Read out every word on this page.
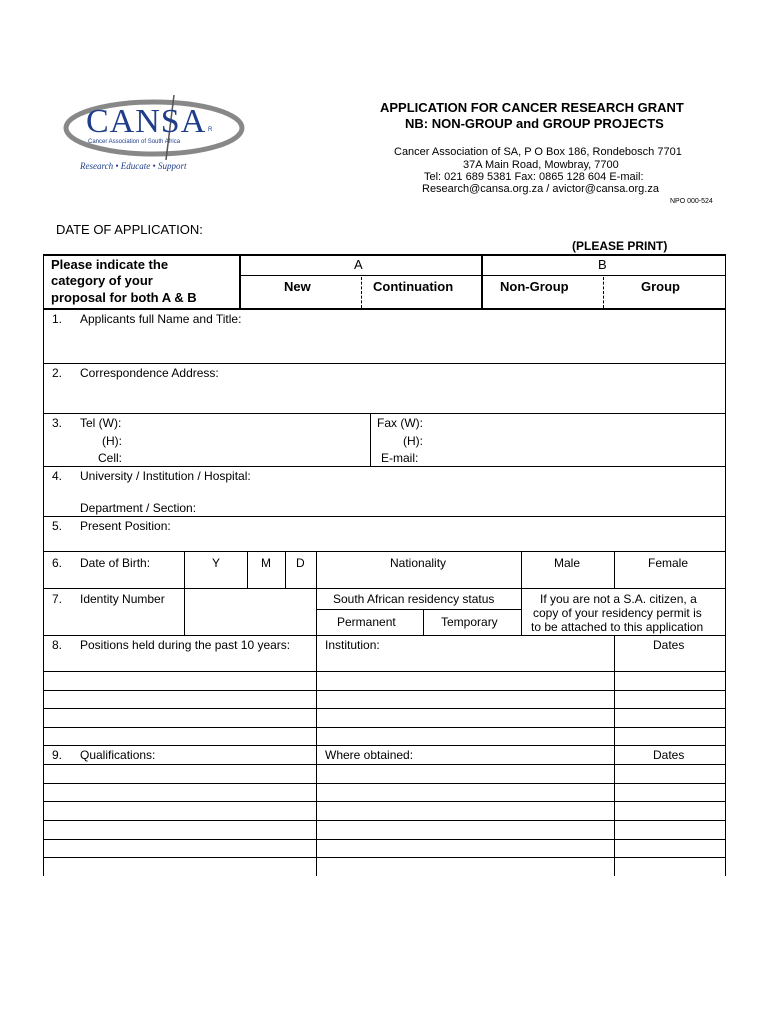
CANSA R
Cancer Association of South Africa
Research • Educate • Support
APPLICATION FOR CANCER RESEARCH GRANT
NB: NON-GROUP and GROUP PROJECTS
Cancer Association of SA, P O Box 186, Rondebosch 7701
37A Main Road, Mowbray, 7700
Tel: 021 689 5381 Fax: 0865 128 604 E-mail:
Research@cansa.org.za / avictor@cansa.org.za
NPO 000-524
DATE OF APPLICATION:
(PLEASE PRINT)
Please indicate the
category of your
proposal for both A & B
A	B
New	Continuation	Non-Group	Group
1. Applicants full Name and Title:
2. Correspondence Address:
3. Tel (W):
(H):
Cell:
Fax (W):
(H):
E-mail:
4. University / Institution / Hospital:
Department / Section:
5. Present Position:
6. Date of Birth:	Y	M D	Nationality	Male	Female
7. Identity Number	South African residency status
Permanent	Temporary
If you are not a S.A. citizen, a
copy of your residency permit is
to be attached to this application
8. Positions held during the past 10 years:	Institution:	Dates
9. Qualifications:	Where obtained:	Dates
